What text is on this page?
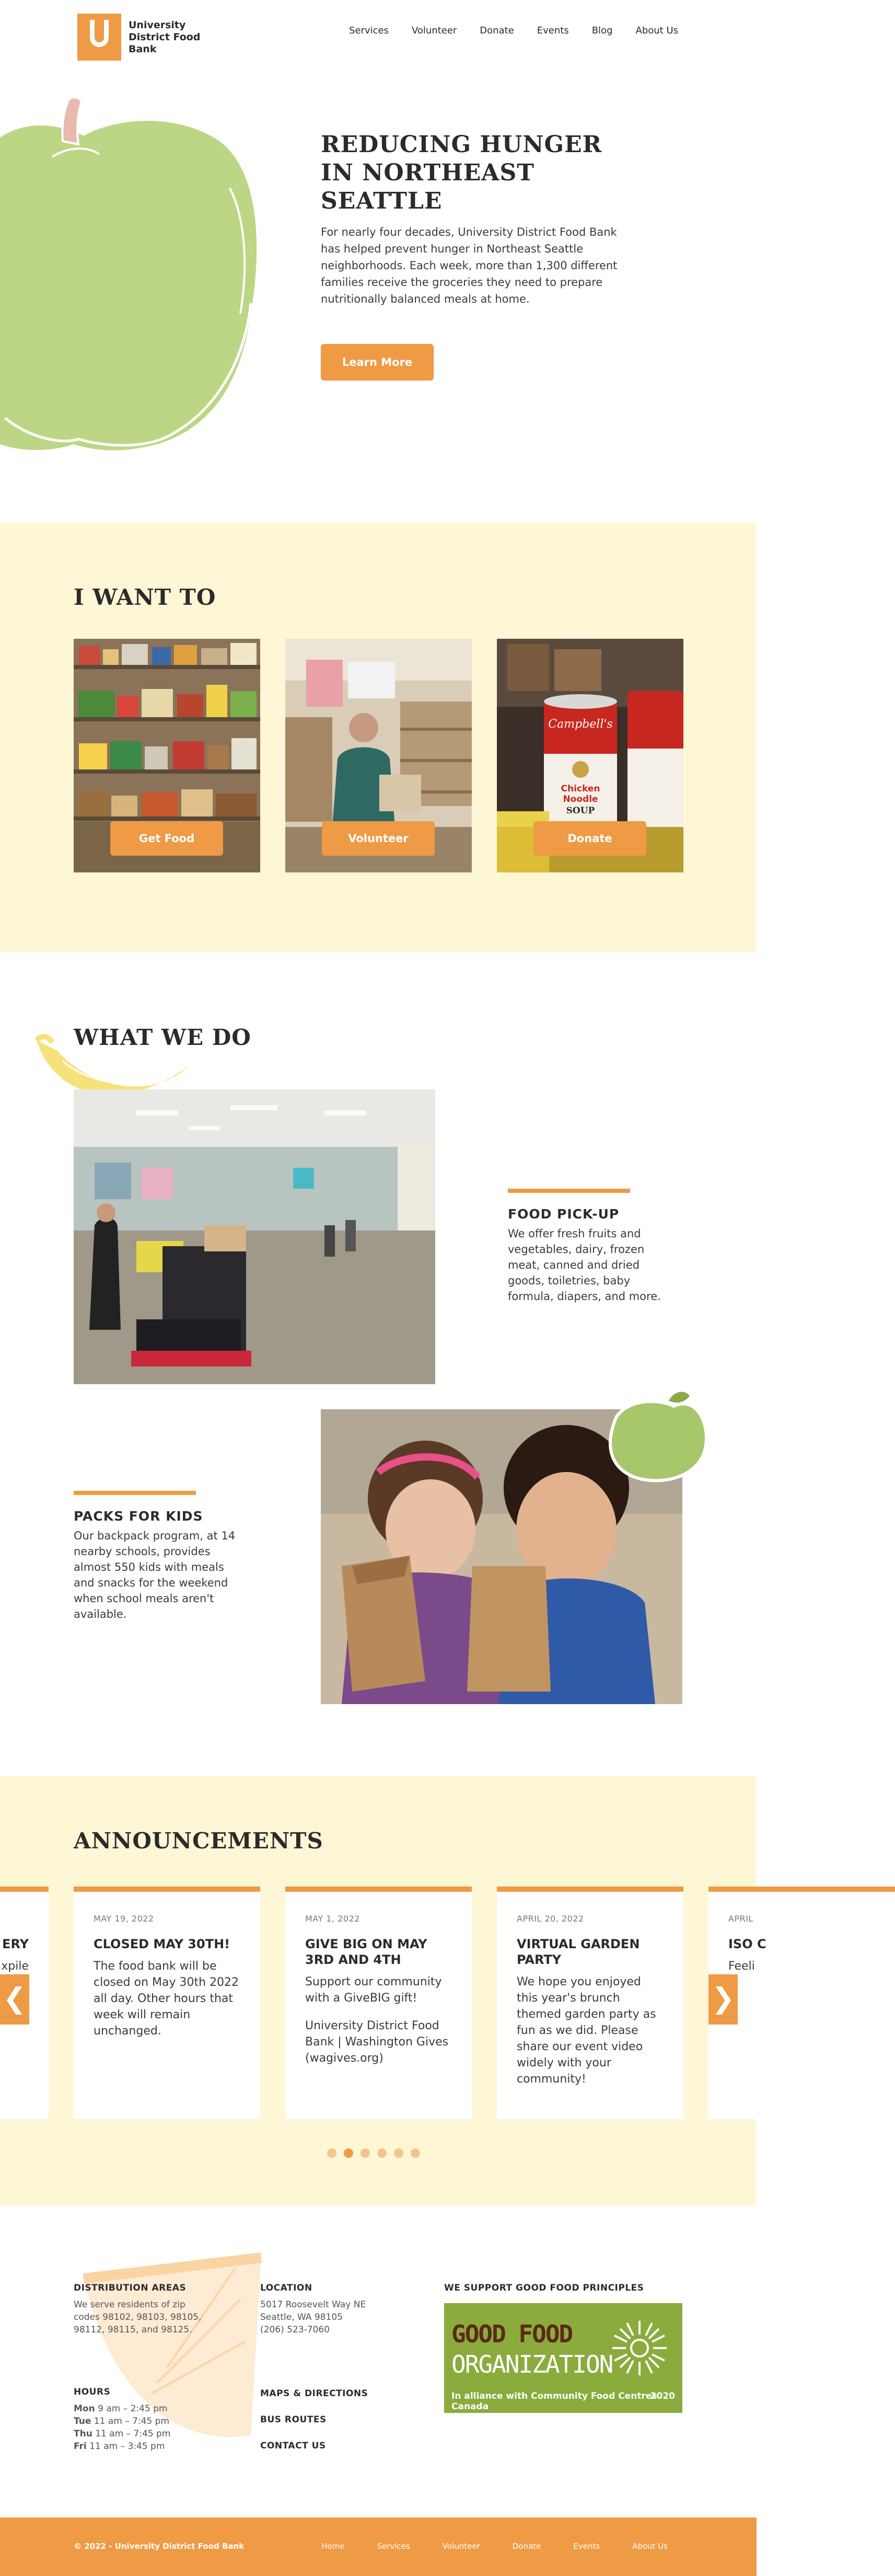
University District Food Bank
Services Volunteer Donate Events Blog About Us
REDUCING HUNGER IN NORTHEAST SEATTLE

For nearly four decades, University District Food Bank has helped prevent hunger in Northeast Seattle neighborhoods. Each week, more than 1,300 different families receive the groceries they need to prepare nutritionally balanced meals at home.

Learn More
I WANT TO
Get Food	Volunteer
Campbell's
Chicken
Noodle
SOUP
Donate
WHAT WE DO
FOOD PICK-UP
We offer fresh fruits and vegetables, dairy, frozen meat, canned and dried goods, toiletries, baby formula, diapers, and more.
PACKS FOR KIDS
Our backpack program, at 14 nearby schools, provides almost 550 kids with meals and snacks for the weekend when school meals aren't available.
ANNOUNCEMENTS
ERY
xpile
MAY 19, 2022
CLOSED MAY 30TH!
The food bank will be closed on May 30th 2022 all day. Other hours that week will remain unchanged.
MAY 1, 2022
GIVE BIG ON MAY 3RD AND 4TH
Support our community with a GiveBIG gift!
University District Food Bank | Washington Gives (wagives.org)
APRIL 20, 2022
VIRTUAL GARDEN PARTY
We hope you enjoyed this year's brunch themed garden party as fun as we did. Please share our event video widely with your community!
APRIL
ISO C
Feeli
❮	❯
DISTRIBUTION AREAS
We serve residents of zip codes 98102, 98103, 98105, 98112, 98115, and 98125.
HOURS
Mon 9 am – 2:45 pm
Tue 11 am – 7:45 pm
Thu 11 am – 7:45 pm
Fri 11 am – 3:45 pm
LOCATION
5017 Roosevelt Way NE
Seattle, WA 98105
(206) 523-7060
MAPS & DIRECTIONS
BUS ROUTES
CONTACT US
WE SUPPORT GOOD FOOD PRINCIPLES
GOOD FOOD
ORGANIZATION
In alliance with Community Food Centres Canada
2020
© 2022 - University District Food Bank	Home	Services	Volunteer	Donate	Events	About Us
